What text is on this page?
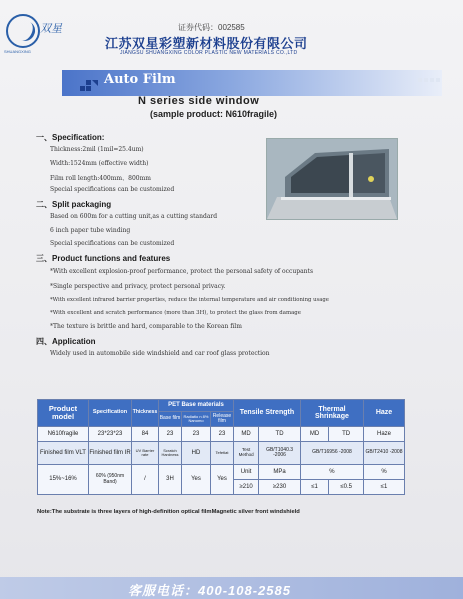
双星
SHUANGXING
证券代码：002585
江苏双星彩塑新材料股份有限公司
JIANGSU SHUANGXING COLOR PLASTIC NEW MATERIALS CO.,LTD
Auto Film
N series side window
(sample product: N610fragile)
一、Specification:
Thickness:2mil (1mil=25.4um)
Width:1524mm (effective width)
Film roll length:400mm、800mm
Special specifications can be customized
二、Split packaging
Based on 600m for a cutting unit,as a cutting standard
6 inch paper tube winding
Special specifications can be customized
三、Product functions and features
*With excellent explosion-proof performance, protect the personal safety of occupants
*Single perspective and privacy, protect personal privacy.
*With excellent infrared barrier properties, reduce the internal temperature and air conditioning usage
*With excellent and scratch performance (more than 3H), to protect the glass from damage
*The texture is brittle and hard, comparable to the Korean film
四、Application
Widely used in automobile side windshield and car roof glass protection
Product model	Specification	Thickness	PET Base materials			Tensile Strength		Thermal Shrinkage		Haze
			Base film	Radiatio n 8% Nanomo	Release film					
N610fragile	23*23*23	84	23	23	23	MD	TD	MD	TD	Haze
Finished film VLT	Finished film IR	UV Barrier rate	Scratch Hardness	HD	Tefetlat	Test Method	GB/T1040.3 -2006	GB/T16956 -2008		GB/T2410 -2008
15%~16%	60% (950nm Band)	/	3H	Yes	Yes	Unit	MPa	%		%
						≥210	≥230	≤1	≤0.5	≤1
Note:The substrate is three layers of high-definition optical filmMagnetic silver front windshield
客服电话：400-108-2585
